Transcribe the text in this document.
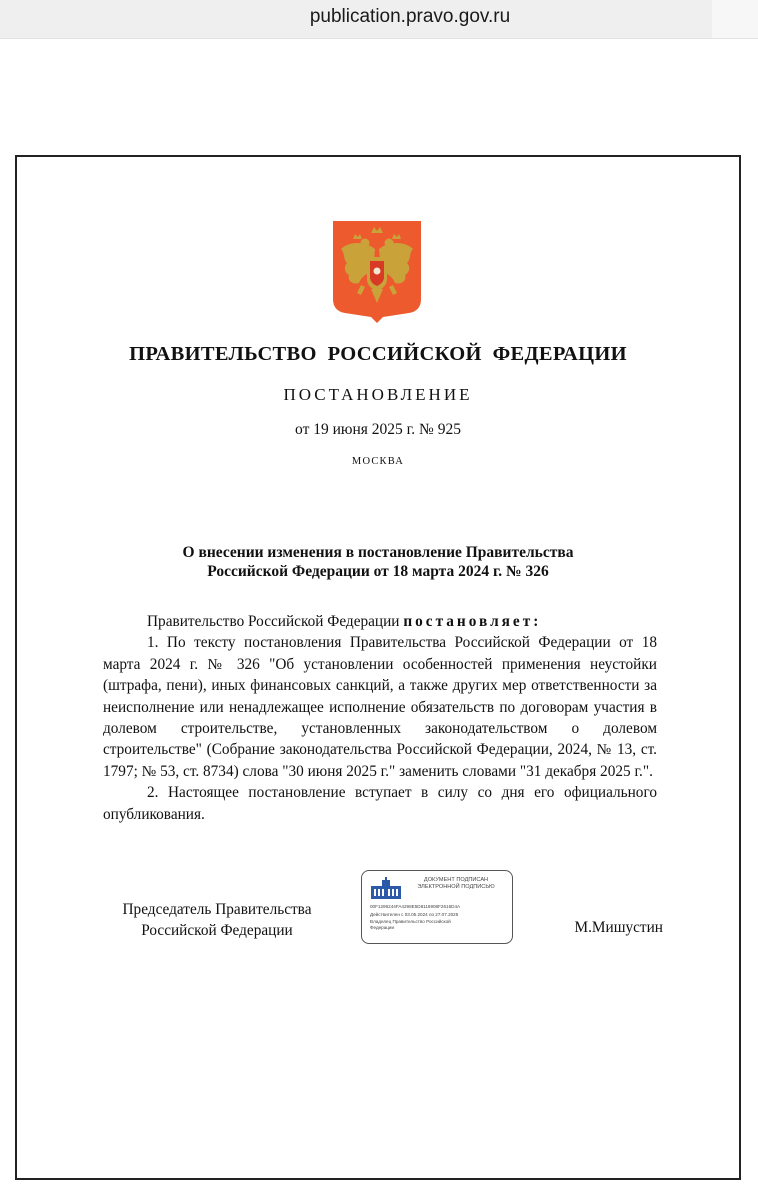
publication.pravo.gov.ru
ПРАВИТЕЛЬСТВО  РОССИЙСКОЙ  ФЕДЕРАЦИИ
ПОСТАНОВЛЕНИЕ
от 19 июня 2025 г. № 925
МОСКВА
О внесении изменения в постановление Правительства
Российской Федерации от 18 марта 2024 г. № 326

Правительство Российской Федерации постановляет:

1. По тексту постановления Правительства Российской Федерации от 18 марта 2024 г. № 326 "Об установлении особенностей применения неустойки (штрафа, пени), иных финансовых санкций, а также других мер ответственности за неисполнение или ненадлежащее исполнение обязательств по договорам участия в долевом строительстве, установленных законодательством о долевом строительстве" (Собрание законодательства Российской Федерации, 2024, № 13, ст. 1797; № 53, ст. 8734) слова "30 июня 2025 г." заменить словами "31 декабря 2025 г.".

2. Настоящее постановление вступает в силу со дня его официального опубликования.

Председатель Правительства
Российской Федерации
ДОКУМЕНТ ПОДПИСАН
ЭЛЕКТРОННОЙ ПОДПИСЬЮ
00F1296244FA4298E5D8118908F2616D4A
Действителен с 03.05.2024 по 27.07.2025
Владелец Правительство Российской
Федерации	М.Мишустин
